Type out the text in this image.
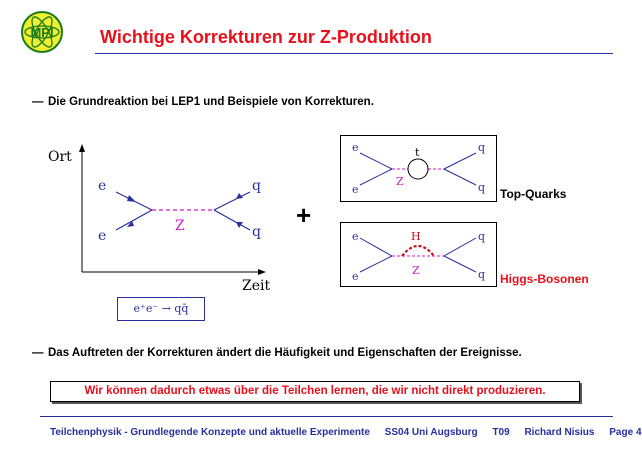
MPI	Wichtige Korrekturen zur Z-Produktion
— Die Grundreaktion bei LEP1 und Beispiele von Korrekturen.
Ort
Zeit
e
e
q
q
Z
e⁺e⁻ → qq̄
+
e
e
q
q
t
Z
Top-Quarks
e
e
q
q
H
Z
Higgs-Bosonen
— Das Auftreten der Korrekturen ändert die Häufigkeit und Eigenschaften der Ereignisse.
Wir können dadurch etwas über die Teilchen lernen, die wir nicht direkt produzieren.
Teilchenphysik - Grundlegende Konzepte und aktuelle Experimente SS04 Uni Augsburg T09 Richard Nisius Page 4
